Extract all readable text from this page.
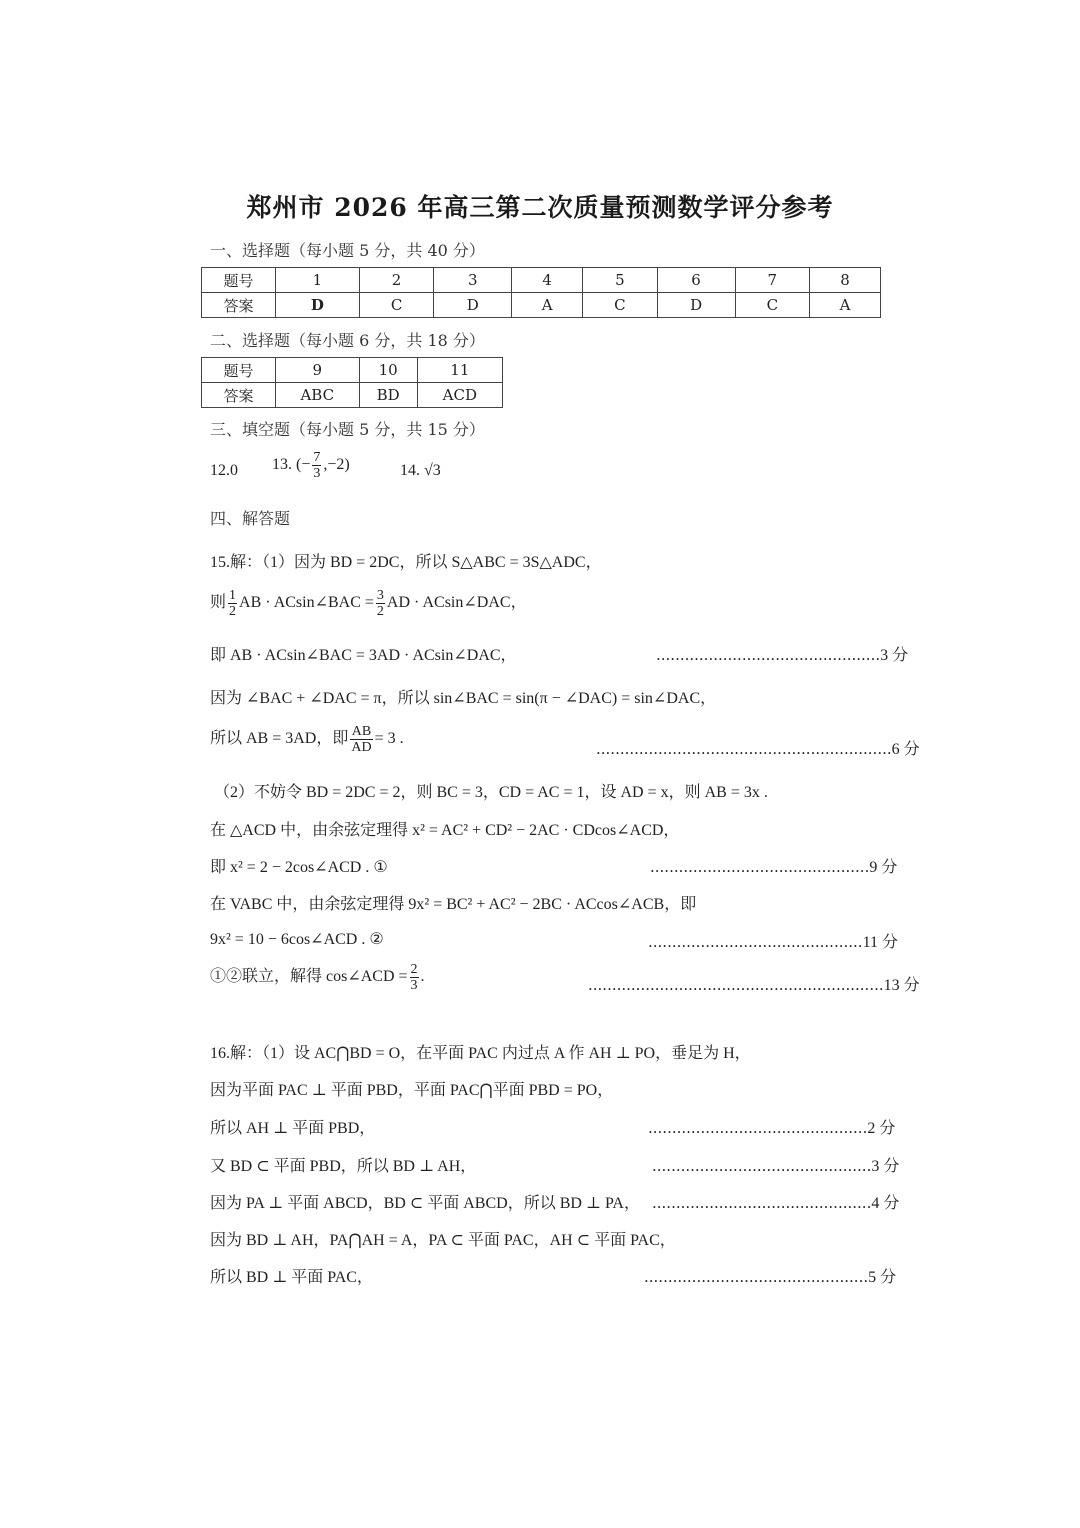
郑州市 2026 年高三第二次质量预测数学评分参考
一、选择题（每小题 5 分，共 40 分）
题号	1	2	3	4	5	6	7	8
答案	D	C	D	A	C	D	C	A
二、选择题（每小题 6 分，共 18 分）
题号	9	10	11
答案	ABC	BD	ACD
三、填空题（每小题 5 分，共 15 分）
12.0 13. (− $\frac{7}{3} ,-2$)	14. √3
四、解答题
15.解：（1）因为 BD = 2DC，所以 S△ABC = 3S△ADC，
则 $\frac{1}{2}$ AB · ACsin∠BAC = $\frac{3}{2}$ AD · ACsin∠DAC，
即 AB · ACsin∠BAC = 3AD · ACsin∠DAC，	...............................................3 分
因为 ∠BAC + ∠DAC = π，所以 sin∠BAC = sin(π − ∠DAC) = sin∠DAC，
所以 AB = 3AD，即 $\frac{AB}{AD} = 3$ .
..............................................................6 分
（2）不妨令 BD = 2DC = 2，则 BC = 3，CD = AC = 1，设 AD = x，则 AB = 3x .
在 △ACD 中，由余弦定理得 x² = AC² + CD² − 2AC · CDcos∠ACD，
即 x² = 2 − 2cos∠ACD . ①	..............................................9 分
在 VABC 中，由余弦定理得 9x² = BC² + AC² − 2BC · ACcos∠ACB，即
9x² = 10 − 6cos∠ACD . ②	.............................................11 分
①②联立，解得 cos∠ACD = $\frac{2}{3}$ .	..............................................................13 分
16.解：（1）设 AC⋂BD = O，在平面 PAC 内过点 A 作 AH ⊥ PO，垂足为 H，
因为平面 PAC ⊥ 平面 PBD，平面 PAC⋂平面 PBD = PO，
所以 AH ⊥ 平面 PBD，	..............................................2 分
又 BD ⊂ 平面 PBD，所以 BD ⊥ AH，	..............................................3 分
因为 PA ⊥ 平面 ABCD，BD ⊂ 平面 ABCD，所以 BD ⊥ PA， ..............................................4 分
因为 BD ⊥ AH，PA⋂AH = A，PA ⊂ 平面 PAC，AH ⊂ 平面 PAC，
所以 BD ⊥ 平面 PAC，	...............................................5 分
